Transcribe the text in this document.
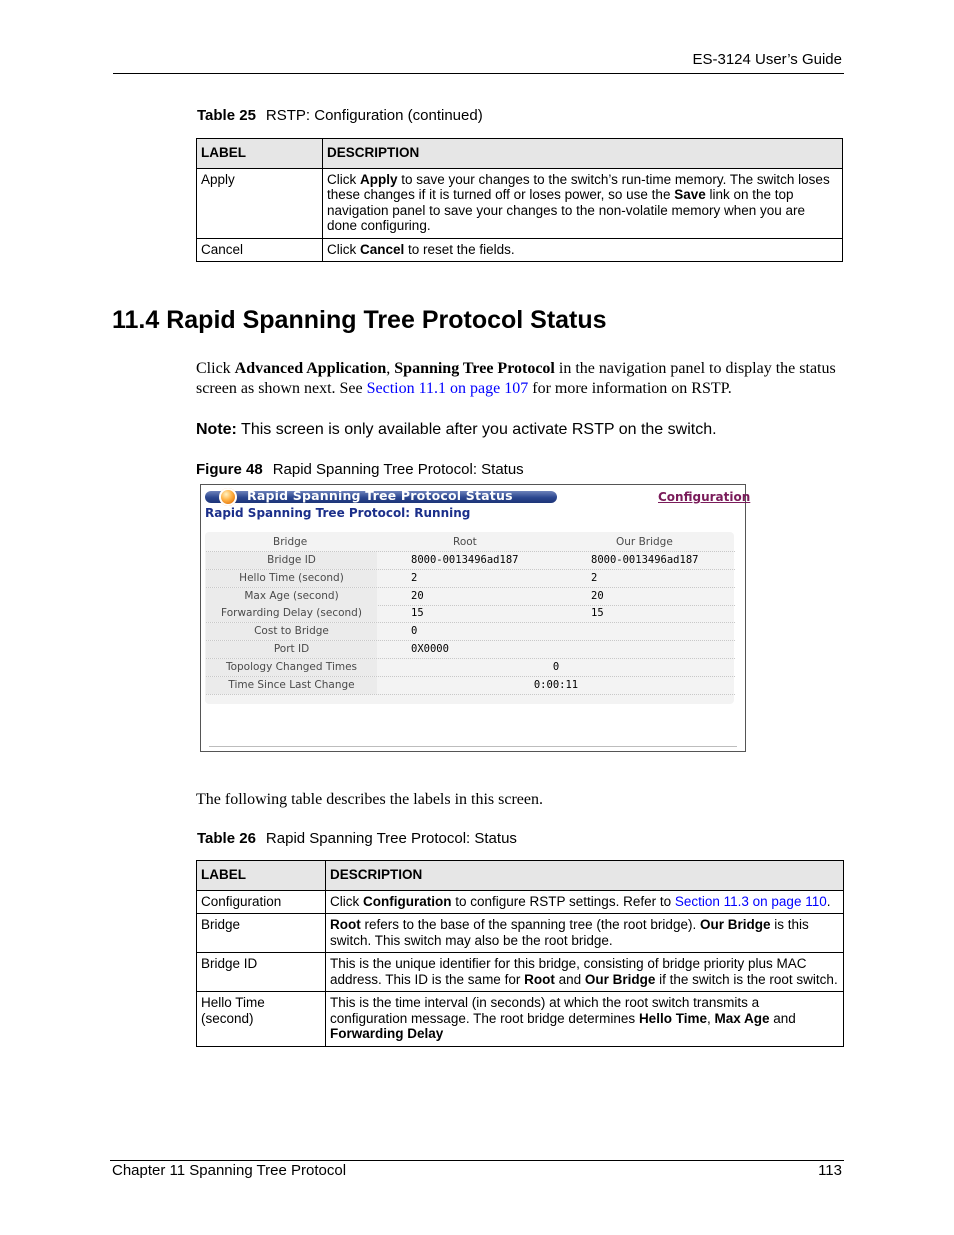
ES-3124 User’s Guide
Table 25 RSTP: Configuration (continued)
LABEL	DESCRIPTION
Apply	Click Apply to save your changes to the switch’s run-time memory. The switch loses these changes if it is turned off or loses power, so use the Save link on the top navigation panel to save your changes to the non-volatile memory when you are done configuring.
Cancel	Click Cancel to reset the fields.
11.4 Rapid Spanning Tree Protocol Status
Click Advanced Application, Spanning Tree Protocol in the navigation panel to display the status screen as shown next. See Section 11.1 on page 107 for more information on RSTP.
Note: This screen is only available after you activate RSTP on the switch.
Figure 48 Rapid Spanning Tree Protocol: Status
Rapid Spanning Tree Protocol Status	Configuration
Rapid Spanning Tree Protocol: Running
Bridge	Root	Our Bridge
Bridge ID	8000-0013496ad187	8000-0013496ad187
Hello Time (second)	2	2
Max Age (second)	20	20
Forwarding Delay (second)	15	15
Cost to Bridge	0
Port ID	0X0000
Topology Changed Times	0
Time Since Last Change	0:00:11
The following table describes the labels in this screen.
Table 26 Rapid Spanning Tree Protocol: Status
LABEL	DESCRIPTION
Configuration	Click Configuration to configure RSTP settings. Refer to Section 11.3 on page 110.
Bridge	Root refers to the base of the spanning tree (the root bridge). Our Bridge is this switch. This switch may also be the root bridge.
Bridge ID	This is the unique identifier for this bridge, consisting of bridge priority plus MAC address. This ID is the same for Root and Our Bridge if the switch is the root switch.
Hello Time (second)	This is the time interval (in seconds) at which the root switch transmits a configuration message. The root bridge determines Hello Time, Max Age and Forwarding Delay
Chapter 11 Spanning Tree Protocol	113
